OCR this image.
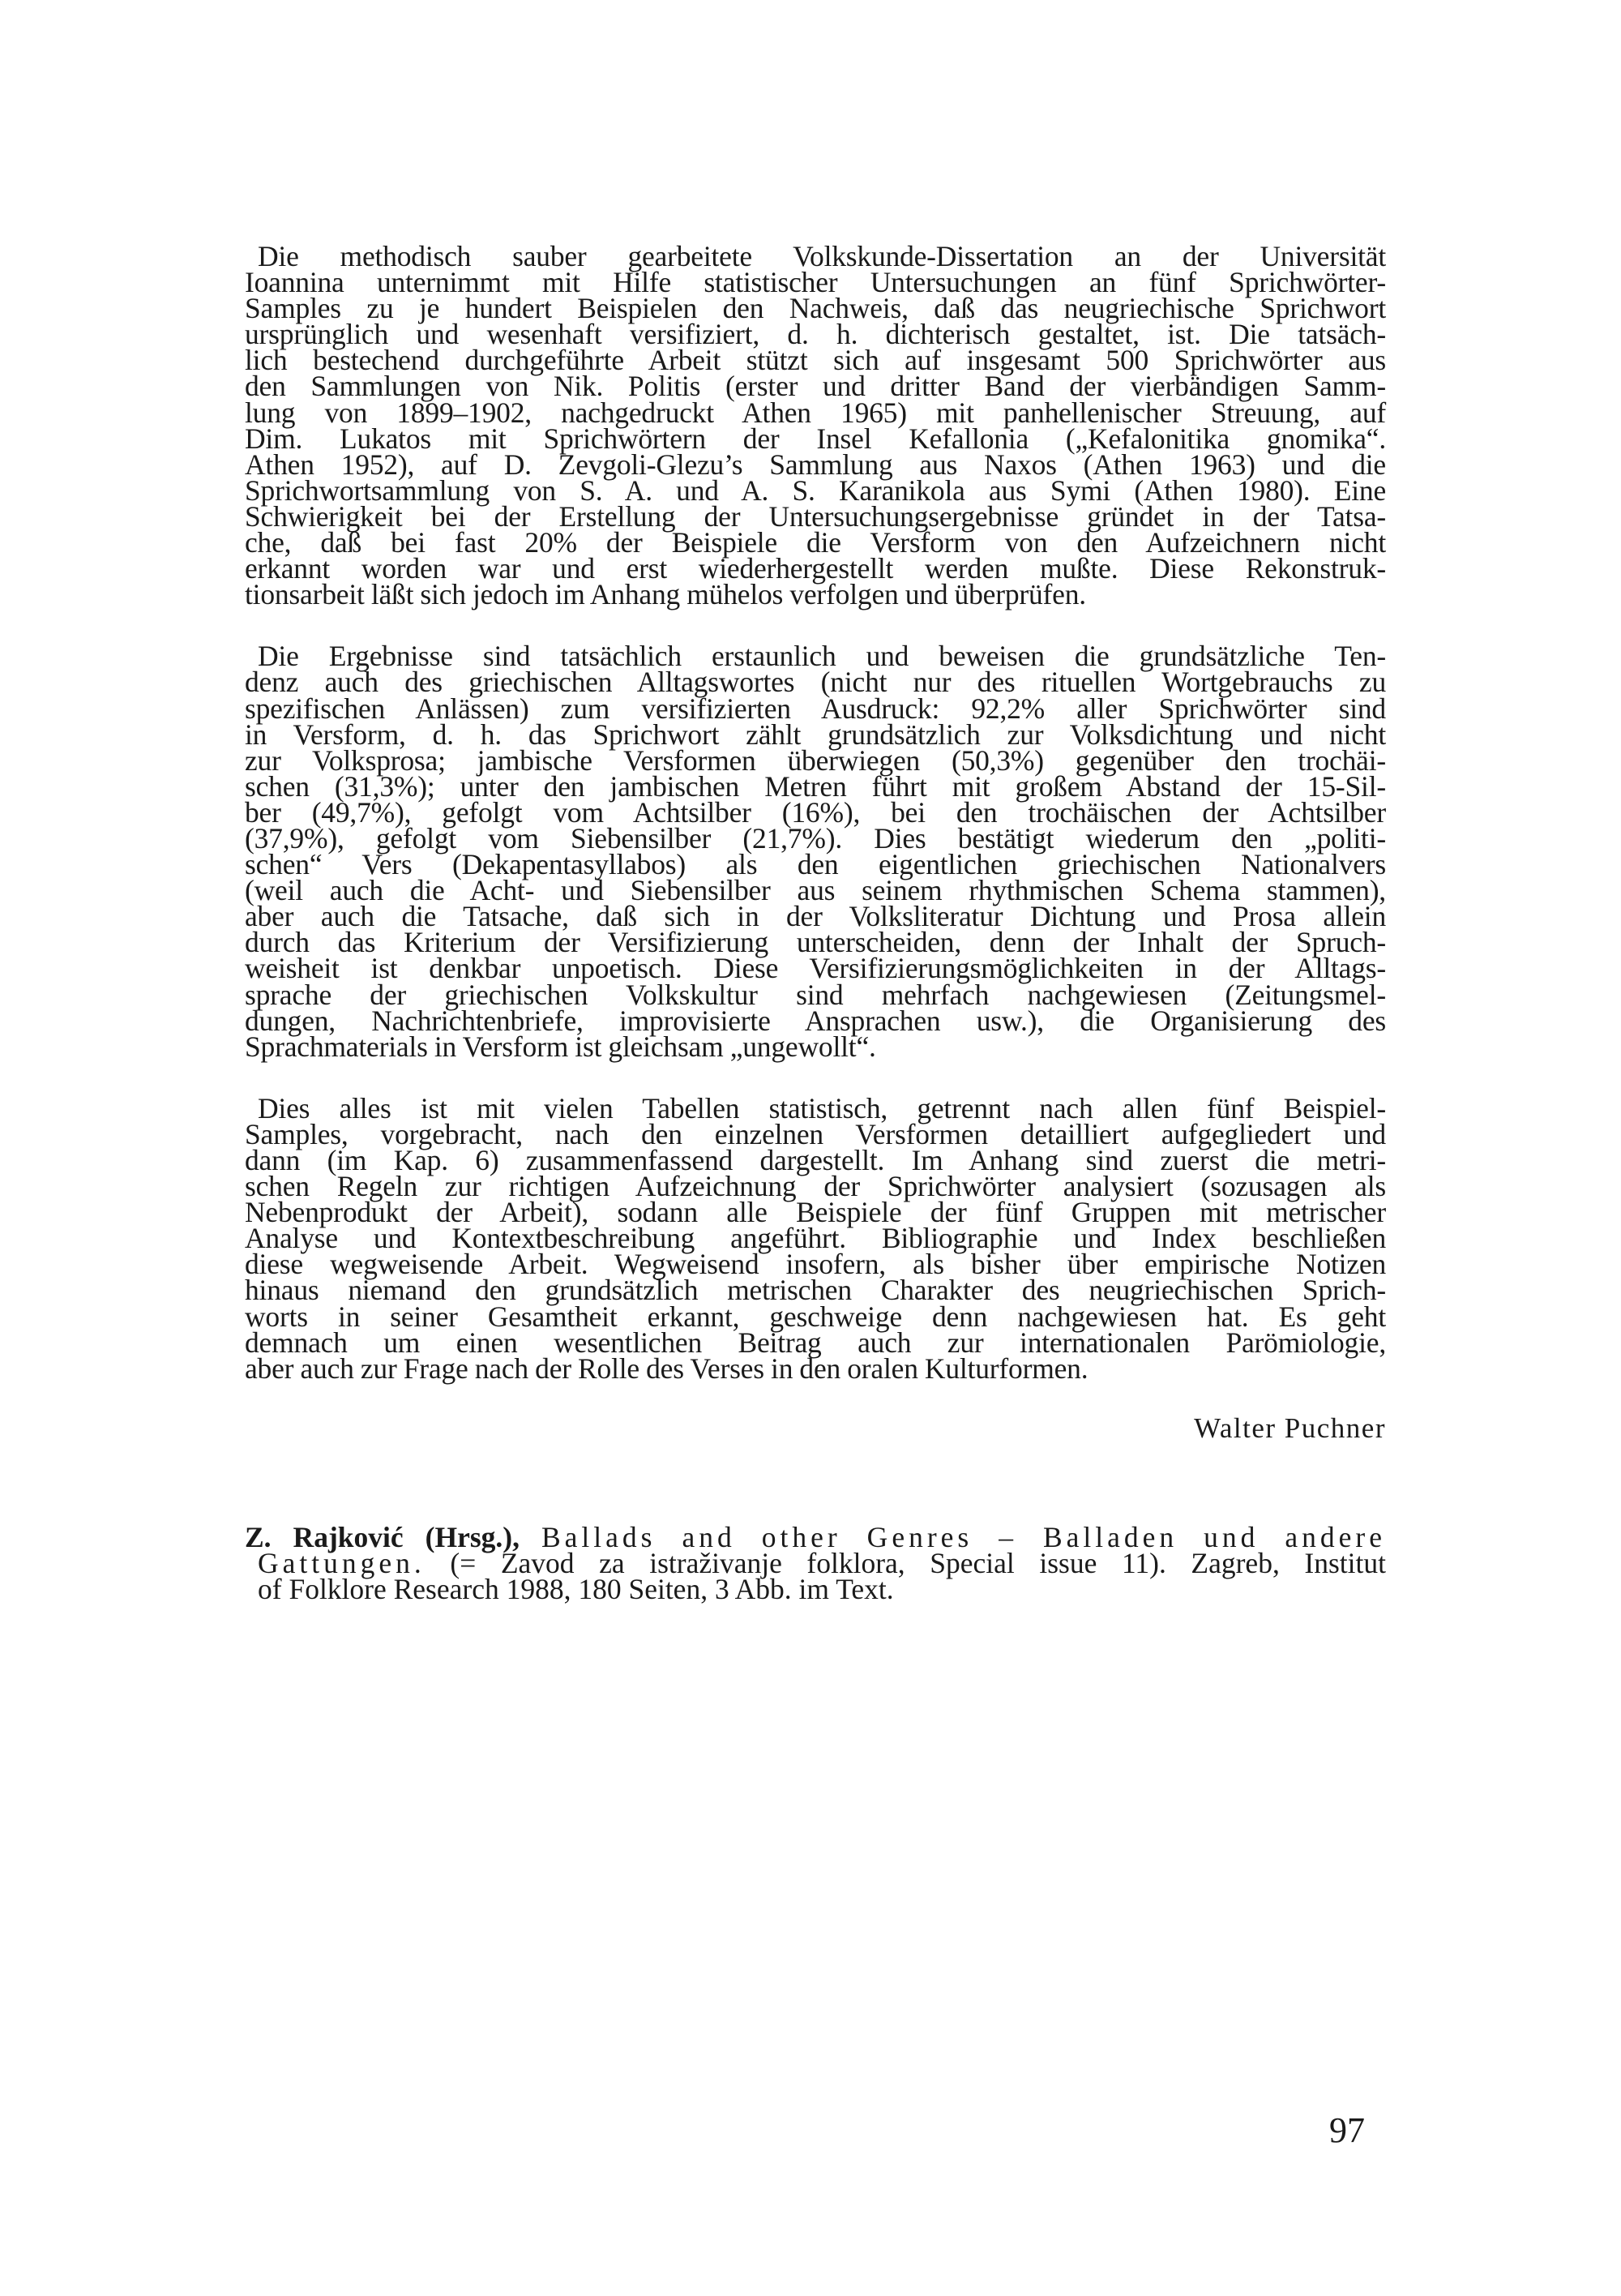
Die methodisch sauber gearbeitete Volkskunde-Dissertation an der Universität
Ioannina unternimmt mit Hilfe statistischer Untersuchungen an fünf Sprichwörter-
Samples zu je hundert Beispielen den Nachweis, daß das neugriechische Sprichwort
ursprünglich und wesenhaft versifiziert, d. h. dichterisch gestaltet, ist. Die tatsäch-
lich bestechend durchgeführte Arbeit stützt sich auf insgesamt 500 Sprichwörter aus
den Sammlungen von Nik. Politis (erster und dritter Band der vierbändigen Samm-
lung von 1899–1902, nachgedruckt Athen 1965) mit panhellenischer Streuung, auf
Dim. Lukatos mit Sprichwörtern der Insel Kefallonia („Kefalonitika gnomika“.
Athen 1952), auf D. Zevgoli-Glezu’s Sammlung aus Naxos (Athen 1963) und die
Sprichwortsammlung von S. A. und A. S. Karanikola aus Symi (Athen 1980). Eine
Schwierigkeit bei der Erstellung der Untersuchungsergebnisse gründet in der Tatsa-
che, daß bei fast 20% der Beispiele die Versform von den Aufzeichnern nicht
erkannt worden war und erst wiederhergestellt werden mußte. Diese Rekonstruk-
tionsarbeit läßt sich jedoch im Anhang mühelos verfolgen und überprüfen.
Die Ergebnisse sind tatsächlich erstaunlich und beweisen die grundsätzliche Ten-
denz auch des griechischen Alltagswortes (nicht nur des rituellen Wortgebrauchs zu
spezifischen Anlässen) zum versifizierten Ausdruck: 92,2% aller Sprichwörter sind
in Versform, d. h. das Sprichwort zählt grundsätzlich zur Volksdichtung und nicht
zur Volksprosa; jambische Versformen überwiegen (50,3%) gegenüber den trochäi-
schen (31,3%); unter den jambischen Metren führt mit großem Abstand der 15-Sil-
ber (49,7%), gefolgt vom Achtsilber (16%), bei den trochäischen der Achtsilber
(37,9%), gefolgt vom Siebensilber (21,7%). Dies bestätigt wiederum den „politi-
schen“ Vers (Dekapentasyllabos) als den eigentlichen griechischen Nationalvers
(weil auch die Acht- und Siebensilber aus seinem rhythmischen Schema stammen),
aber auch die Tatsache, daß sich in der Volksliteratur Dichtung und Prosa allein
durch das Kriterium der Versifizierung unterscheiden, denn der Inhalt der Spruch-
weisheit ist denkbar unpoetisch. Diese Versifizierungsmöglichkeiten in der Alltags-
sprache der griechischen Volkskultur sind mehrfach nachgewiesen (Zeitungsmel-
dungen, Nachrichtenbriefe, improvisierte Ansprachen usw.), die Organisierung des
Sprachmaterials in Versform ist gleichsam „ungewollt“.
Dies alles ist mit vielen Tabellen statistisch, getrennt nach allen fünf Beispiel-
Samples, vorgebracht, nach den einzelnen Versformen detailliert aufgegliedert und
dann (im Kap. 6) zusammenfassend dargestellt. Im Anhang sind zuerst die metri-
schen Regeln zur richtigen Aufzeichnung der Sprichwörter analysiert (sozusagen als
Nebenprodukt der Arbeit), sodann alle Beispiele der fünf Gruppen mit metrischer
Analyse und Kontextbeschreibung angeführt. Bibliographie und Index beschließen
diese wegweisende Arbeit. Wegweisend insofern, als bisher über empirische Notizen
hinaus niemand den grundsätzlich metrischen Charakter des neugriechischen Sprich-
worts in seiner Gesamtheit erkannt, geschweige denn nachgewiesen hat. Es geht
demnach um einen wesentlichen Beitrag auch zur internationalen Parömiologie,
aber auch zur Frage nach der Rolle des Verses in den oralen Kulturformen.
Walter Puchner
Z. Rajković (Hrsg.), Ballads and other Genres – Balladen und andere
Gattungen. (= Zavod za istraživanje folklora, Special issue 11). Zagreb, Institut
of Folklore Research 1988, 180 Seiten, 3 Abb. im Text.
97
